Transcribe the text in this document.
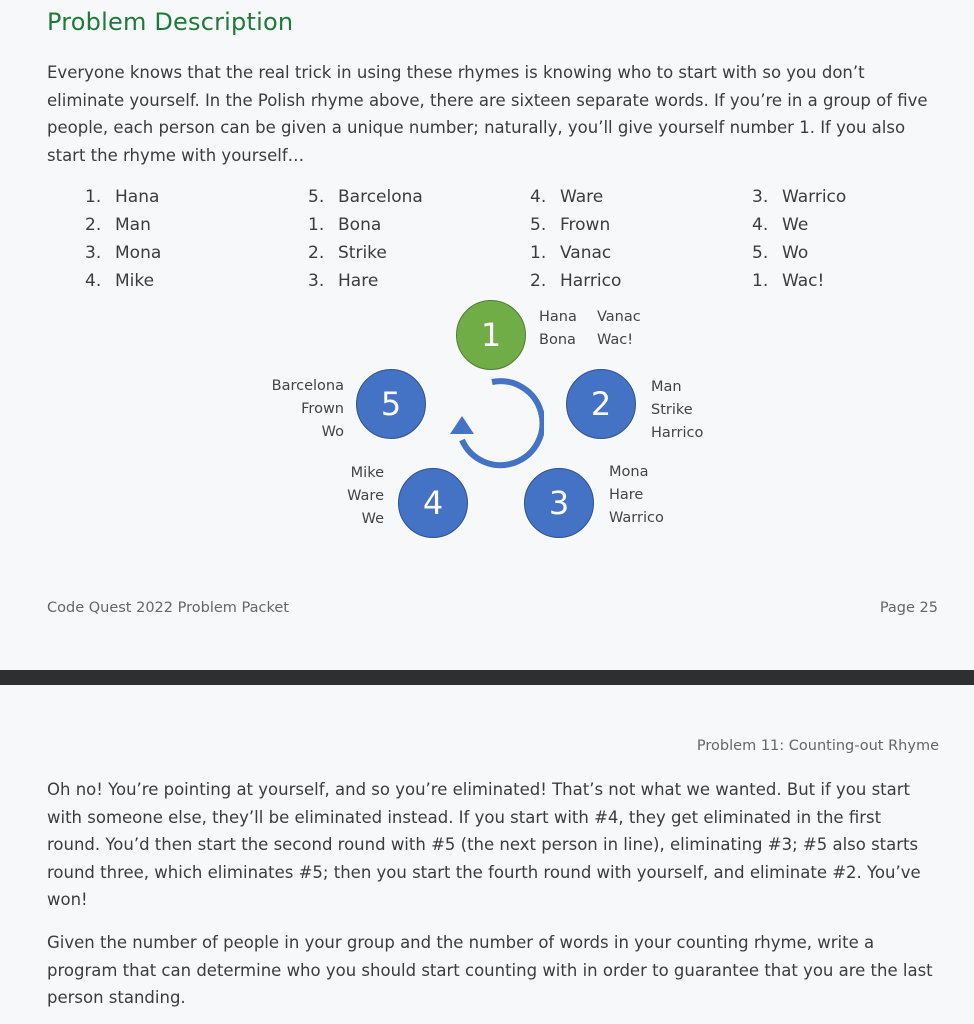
Problem Description

Everyone knows that the real trick in using these rhymes is knowing who to start with so you don’t eliminate yourself. In the Polish rhyme above, there are sixteen separate words. If you’re in a group of five people, each person can be given a unique number; naturally, you’ll give yourself number 1. If you also start the rhyme with yourself…

1. Hana
2. Man
3. Mona
4. Mike
5. Barcelona
1. Bona
2. Strike
3. Hare
4. Ware
5. Frown
1. Vanac
2. Harrico
3. Warrico
4. We
5. Wo
1. Wac!
1
2
3
4
5
Hana
Bona
Vanac
Wac!
Man
Strike
Harrico
Mona
Hare
Warrico
Mike
Ware
We
Barcelona
Frown
Wo
Code Quest 2022 Problem Packet	Page 25
Problem 11: Counting-out Rhyme

Oh no! You’re pointing at yourself, and so you’re eliminated! That’s not what we wanted. But if you start with someone else, they’ll be eliminated instead. If you start with #4, they get eliminated in the first round. You’d then start the second round with #5 (the next person in line), eliminating #3; #5 also starts round three, which eliminates #5; then you start the fourth round with yourself, and eliminate #2. You’ve won!

Given the number of people in your group and the number of words in your counting rhyme, write a program that can determine who you should start counting with in order to guarantee that you are the last person standing.
